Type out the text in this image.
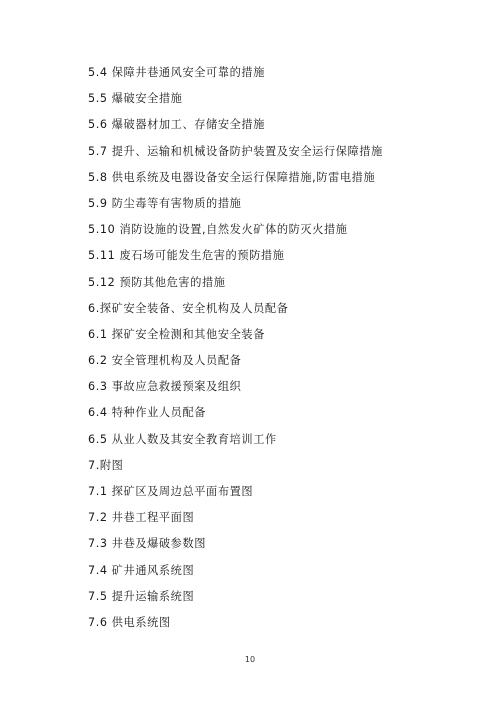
5.4 保障井巷通风安全可靠的措施
5.5 爆破安全措施
5.6 爆破器材加工、存储安全措施
5.7 提升、运输和机械设备防护装置及安全运行保障措施
5.8 供电系统及电器设备安全运行保障措施,防雷电措施
5.9 防尘毒等有害物质的措施
5.10 消防设施的设置,自然发火矿体的防灭火措施
5.11 废石场可能发生危害的预防措施
5.12 预防其他危害的措施
6.探矿安全装备、安全机构及人员配备
6.1 探矿安全检测和其他安全装备
6.2 安全管理机构及人员配备
6.3 事故应急救援预案及组织
6.4 特种作业人员配备
6.5 从业人数及其安全教育培训工作
7.附图
7.1 探矿区及周边总平面布置图
7.2 井巷工程平面图
7.3 井巷及爆破参数图
7.4 矿井通风系统图
7.5 提升运输系统图
7.6 供电系统图
10
